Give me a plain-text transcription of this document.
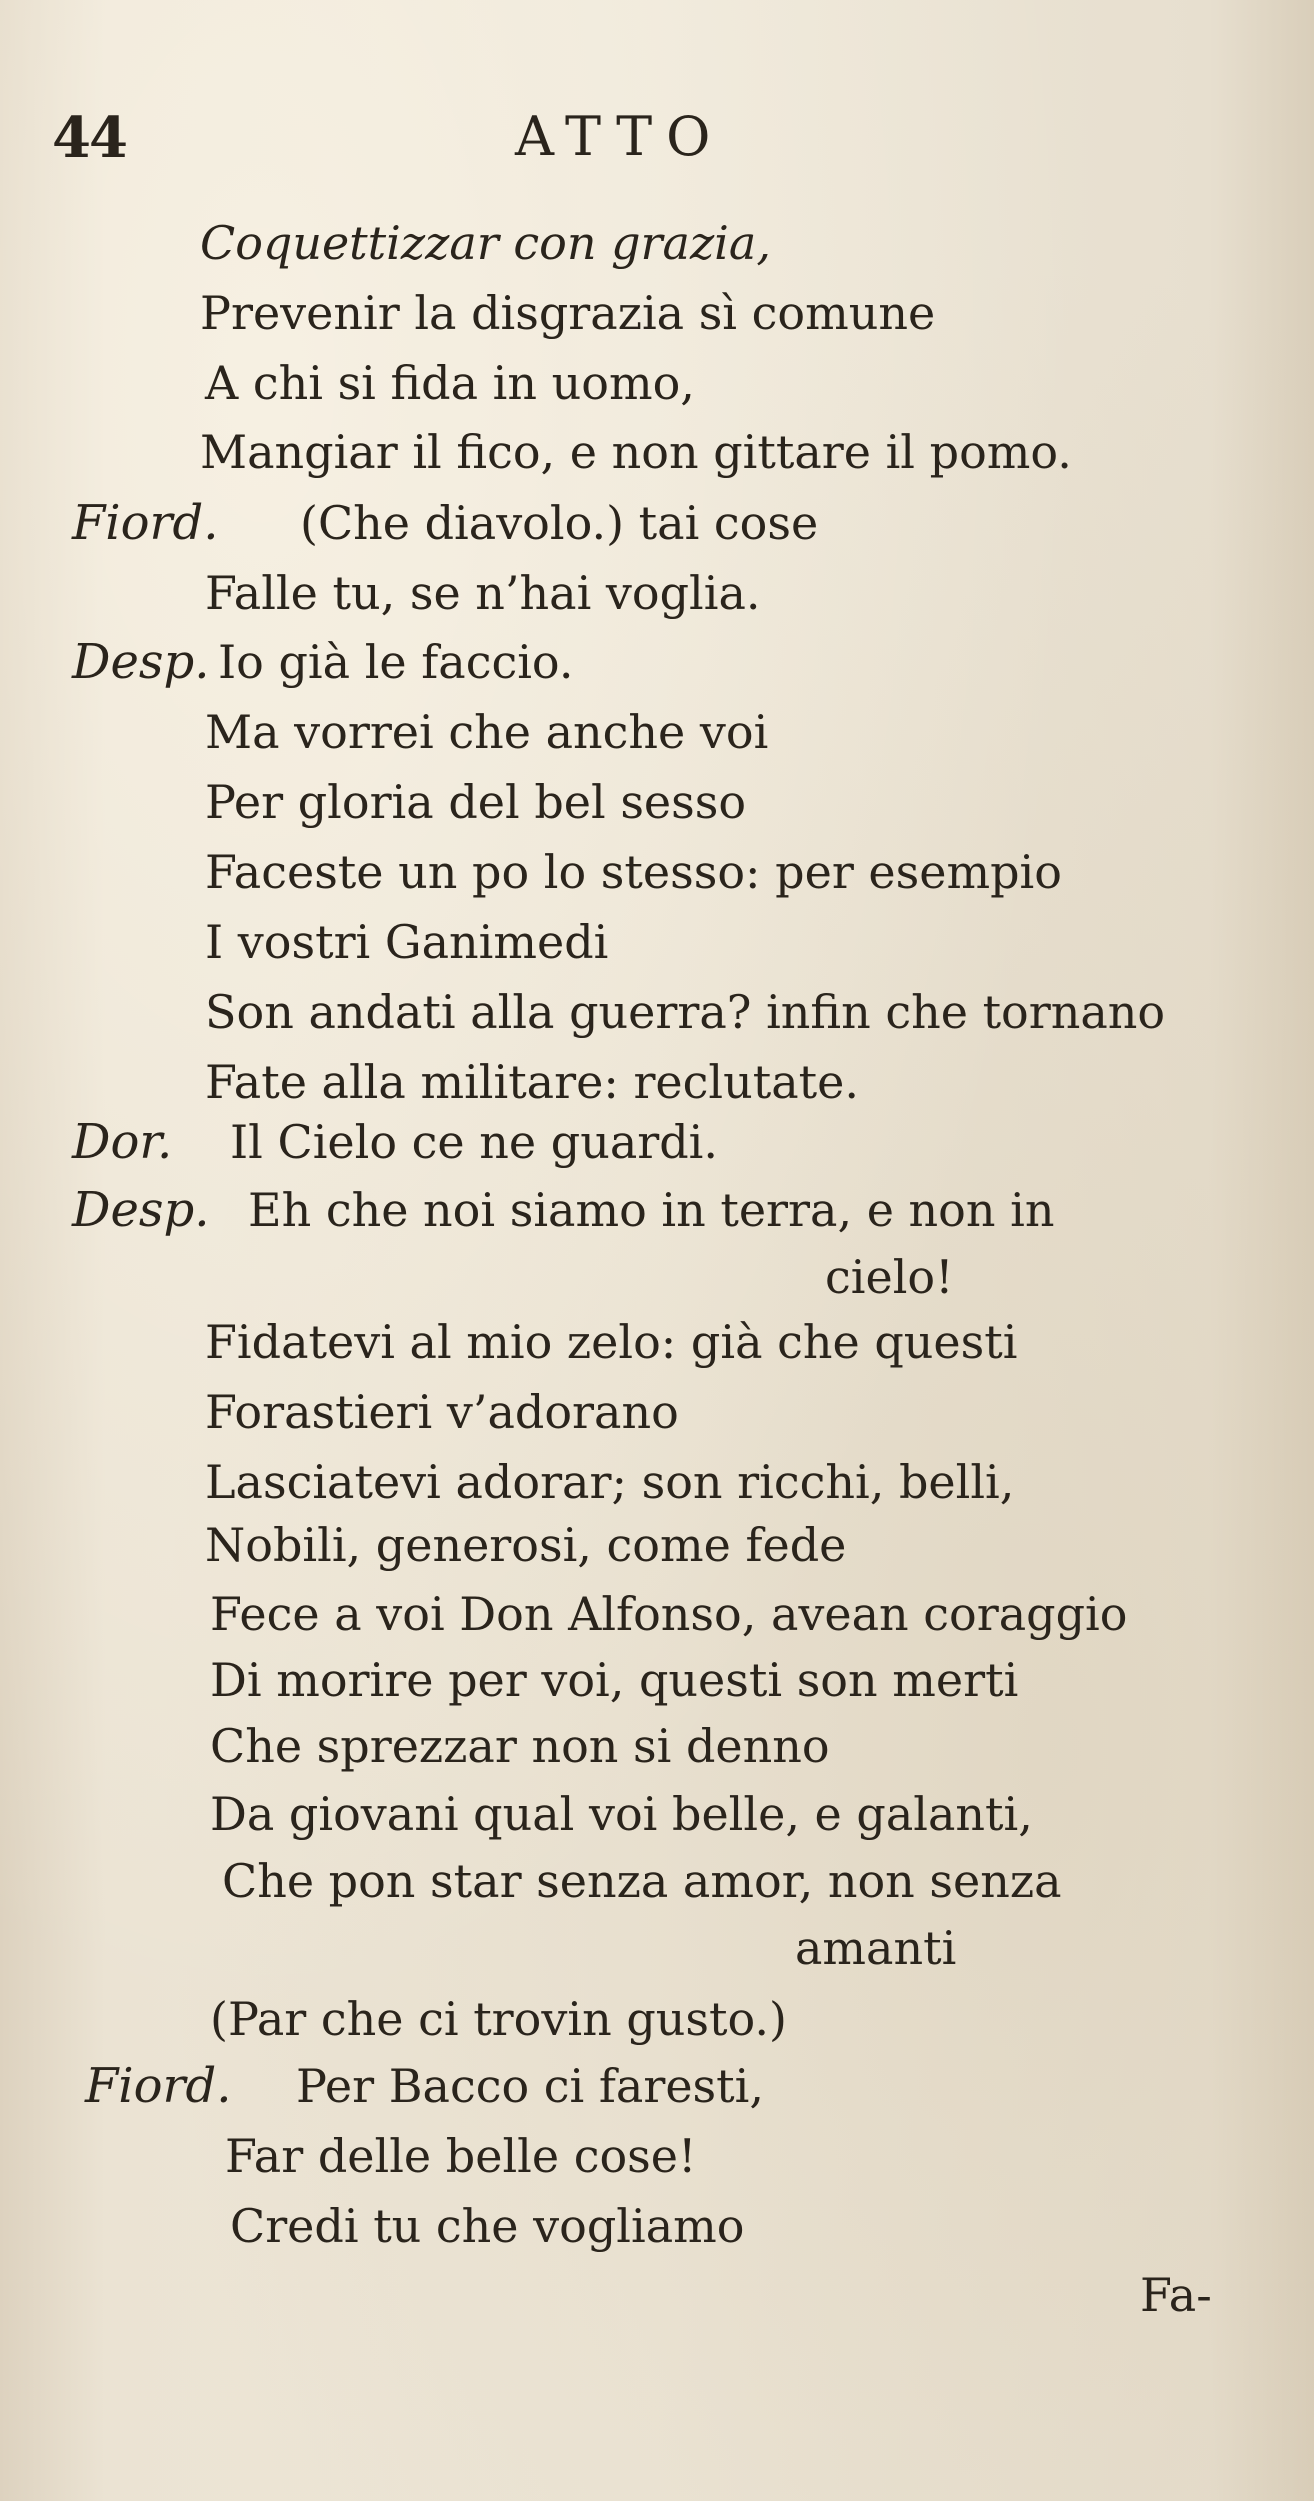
44	ATTO
Coquettizzar con grazia,
Prevenir la disgrazia sì comune
A chi si fida in uomo,
Mangiar il fico, e non gittare il pomo.
Fiord. (Che diavolo.) tai cose
Falle tu, se n’hai voglia.
Desp. Io già le faccio.
Ma vorrei che anche voi
Per gloria del bel sesso
Faceste un po lo stesso: per esempio
I vostri Ganimedi
Son andati alla guerra? infin che tornano
Fate alla militare: reclutate.
Dor. Il Cielo ce ne guardi.
Desp. Eh che noi siamo in terra, e non in
cielo!
Fidatevi al mio zelo: già che questi
Forastieri v’adorano
Lasciatevi adorar; son ricchi, belli,
Nobili, generosi, come fede
Fece a voi Don Alfonso, avean coraggio
Di morire per voi, questi son merti
Che sprezzar non si denno
Da giovani qual voi belle, e galanti,
Che pon star senza amor, non senza
amanti
(Par che ci trovin gusto.)
Fiord. Per Bacco ci faresti,
Far delle belle cose!
Credi tu che vogliamo
Fa-
